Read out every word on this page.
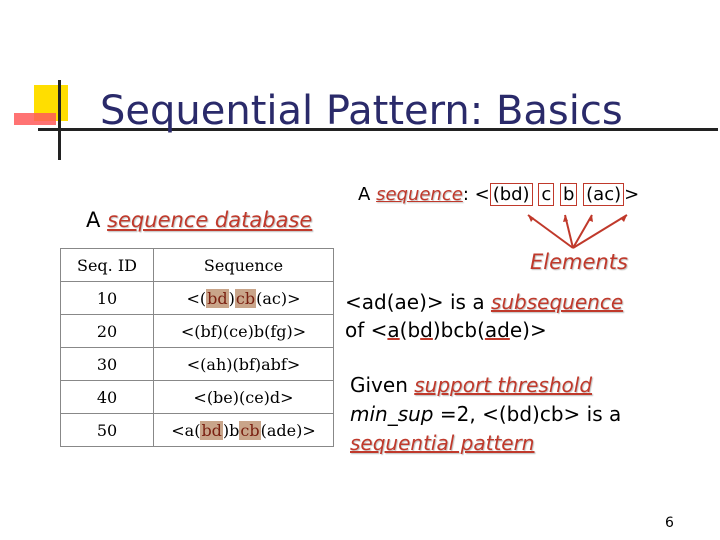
Sequential Pattern: Basics
A sequence database
Seq. ID	Sequence
10	<(bd)cb(ac)>
20	<(bf)(ce)b(fg)>
30	<(ah)(bf)abf>
40	<(be)(ce)d>
50	<a(bd)bcb(ade)>
A sequence: < (bd) c b (ac) >
Elements
<ad(ae)> is a subsequence
of <a(bd)bcb(ade)>
Given support threshold
min_sup =2, <(bd)cb> is a
sequential pattern
6
